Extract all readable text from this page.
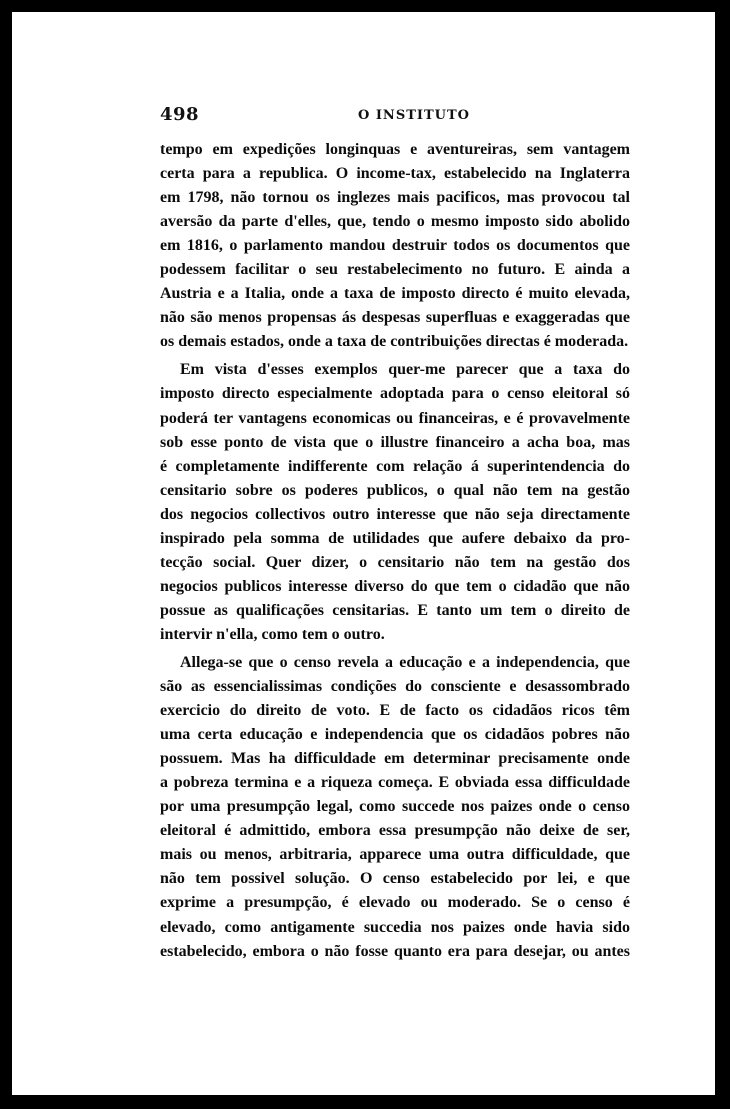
498	O INSTITUTO

tempo em expedições longinquas e aventureiras, sem vantagem
certa para a republica. O income-tax, estabelecido na Inglaterra
em 1798, não tornou os inglezes mais pacificos, mas provocou tal
aversão da parte d'elles, que, tendo o mesmo imposto sido abolido
em 1816, o parlamento mandou destruir todos os documentos que
podessem facilitar o seu restabelecimento no futuro. E ainda a
Austria e a Italia, onde a taxa de imposto directo é muito elevada,
não são menos propensas ás despesas superfluas e exaggeradas que
os demais estados, onde a taxa de contribuições directas é moderada.

Em vista d'esses exemplos quer-me parecer que a taxa do
imposto directo especialmente adoptada para o censo eleitoral só
poderá ter vantagens economicas ou financeiras, e é provavelmente
sob esse ponto de vista que o illustre financeiro a acha boa, mas
é completamente indifferente com relação á superintendencia do
censitario sobre os poderes publicos, o qual não tem na gestão
dos negocios collectivos outro interesse que não seja directamente
inspirado pela somma de utilidades que aufere debaixo da pro-
tecção social. Quer dizer, o censitario não tem na gestão dos
negocios publicos interesse diverso do que tem o cidadão que não
possue as qualificações censitarias. E tanto um tem o direito de
intervir n'ella, como tem o outro.

Allega-se que o censo revela a educação e a independencia, que
são as essencialissimas condições do consciente e desassombrado
exercicio do direito de voto. E de facto os cidadãos ricos têm
uma certa educação e independencia que os cidadãos pobres não
possuem. Mas ha difficuldade em determinar precisamente onde
a pobreza termina e a riqueza começa. E obviada essa difficuldade
por uma presumpção legal, como succede nos paizes onde o censo
eleitoral é admittido, embora essa presumpção não deixe de ser,
mais ou menos, arbitraria, apparece uma outra difficuldade, que
não tem possivel solução. O censo estabelecido por lei, e que
exprime a presumpção, é elevado ou moderado. Se o censo é
elevado, como antigamente succedia nos paizes onde havia sido
estabelecido, embora o não fosse quanto era para desejar, ou antes
